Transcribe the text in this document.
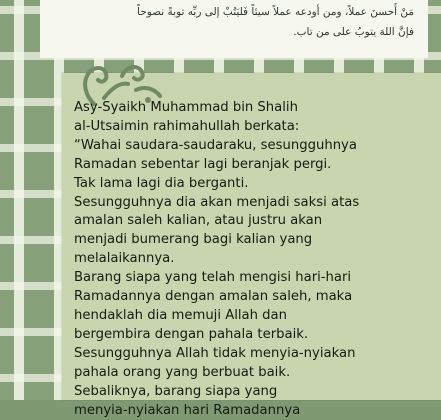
مَنْ أَحسنَ عملاً، ومن أودعه عملاً سيئاً فَليَتُبْ إلى ربِّه توبةً نصوحاً
فإنَّ اللهَ يتوبُ على من تاب.
Asy-Syaikh Muhammad bin Shalih
al-Utsaimin rahimahullah berkata:
“Wahai saudara-saudaraku, sesungguhnya
Ramadan sebentar lagi beranjak pergi.
Tak lama lagi dia berganti.
Sesungguhnya dia akan menjadi saksi atas
amalan saleh kalian, atau justru akan
menjadi bumerang bagi kalian yang
melalaikannya.
Barang siapa yang telah mengisi hari-hari
Ramadannya dengan amalan saleh, maka
hendaklah dia memuji Allah dan
bergembira dengan pahala terbaik.
Sesungguhnya Allah tidak menyia-nyiakan
pahala orang yang berbuat baik.
Sebaliknya, barang siapa yang
menyia-nyiakan hari Ramadannya
